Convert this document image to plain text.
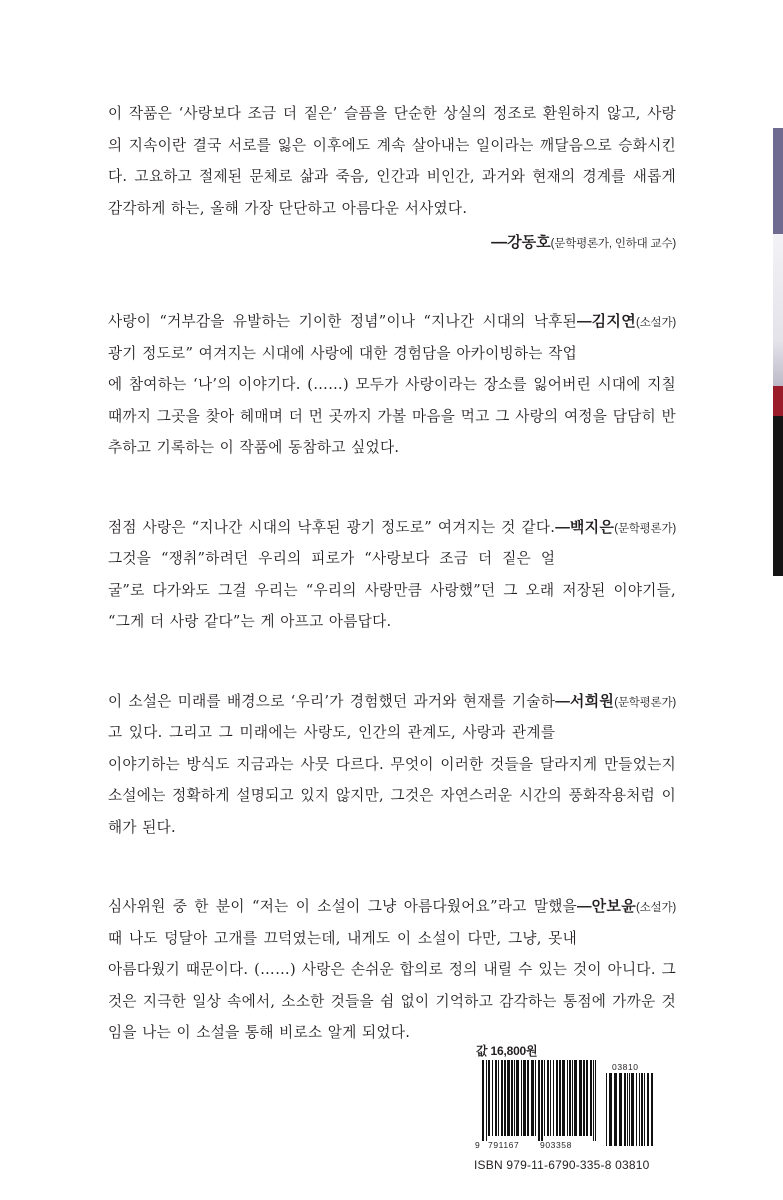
이 작품은 ‘사랑보다 조금 더 짙은’ 슬픔을 단순한 상실의 정조로 환원하지 않고, 사랑의 지속이란 결국 서로를 잃은 이후에도 계속 살아내는 일이라는 깨달음으로 승화시킨다. 고요하고 절제된 문체로 삶과 죽음, 인간과 비인간, 과거와 현재의 경계를 새롭게 감각하게 하는, 올해 가장 단단하고 아름다운 서사였다.

— 강동호(문학평론가, 인하대 교수)

— 김지연(소설가)
사랑이 “거부감을 유발하는 기이한 정념”이나 “지나간 시대의 낙후된 광기 정도로” 여겨지는 시대에 사랑에 대한 경험담을 아카이빙하는 작업에 참여하는 ‘나’의 이야기다. (……) 모두가 사랑이라는 장소를 잃어버린 시대에 지칠 때까지 그곳을 찾아 헤매며 더 먼 곳까지 가볼 마음을 먹고 그 사랑의 여정을 담담히 반추하고 기록하는 이 작품에 동참하고 싶었다.

— 백지은(문학평론가)
점점 사랑은 “지나간 시대의 낙후된 광기 정도로” 여겨지는 것 같다. 그것을 “쟁취”하려던 우리의 피로가 “사랑보다 조금 더 짙은 얼굴”로 다가와도 그걸 우리는 “우리의 사랑만큼 사랑했”던 그 오래 저장된 이야기들, “그게 더 사랑 같다”는 게 아프고 아름답다.

— 서희원(문학평론가)
이 소설은 미래를 배경으로 ‘우리’가 경험했던 과거와 현재를 기술하고 있다. 그리고 그 미래에는 사랑도, 인간의 관계도, 사랑과 관계를 이야기하는 방식도 지금과는 사뭇 다르다. 무엇이 이러한 것들을 달라지게 만들었는지 소설에는 정확하게 설명되고 있지 않지만, 그것은 자연스러운 시간의 풍화작용처럼 이해가 된다.

— 안보윤(소설가)
심사위원 중 한 분이 “저는 이 소설이 그냥 아름다웠어요”라고 말했을 때 나도 덩달아 고개를 끄덕였는데, 내게도 이 소설이 다만, 그냥, 못내 아름다웠기 때문이다. (……) 사랑은 손쉬운 합의로 정의 내릴 수 있는 것이 아니다. 그것은 지극한 일상 속에서, 소소한 것들을 쉼 없이 기억하고 감각하는 통점에 가까운 것임을 나는 이 소설을 통해 비로소 알게 되었다.

값 16,800원
9 791167 903358
03810
ISBN 979-11-6790-335-8 03810
